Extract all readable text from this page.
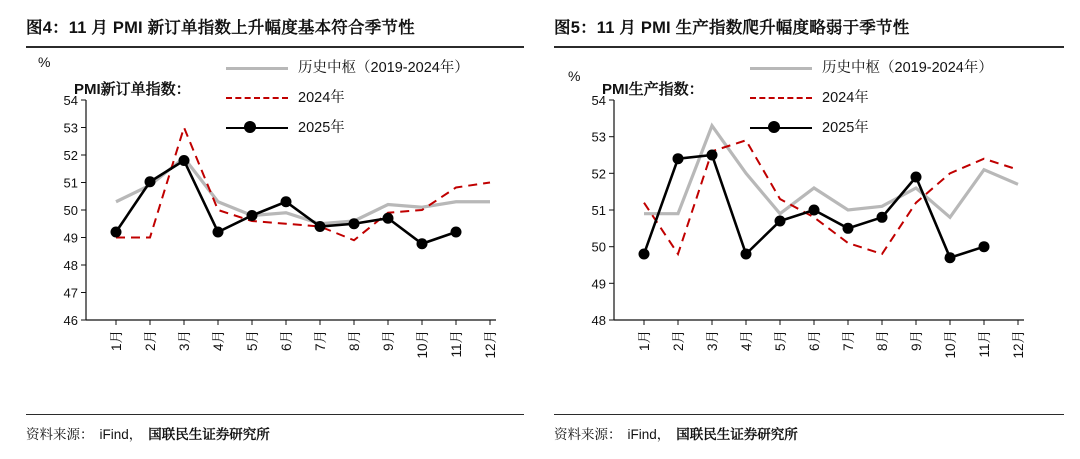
图4：11 月 PMI 新订单指数上升幅度基本符合季节性
历史中枢（2019-2024年）
2024年
2025年
%
PMI新订单指数：
54
53
52
51
50
49
48
47
46
1月 2月 3月 4月 5月 6月 7月 8月 9月 10月 11月 12月
资料来源： iFind， 国联民生证券研究所
图5：11 月 PMI 生产指数爬升幅度略弱于季节性
历史中枢（2019-2024年）
2024年
2025年
%
PMI生产指数：
54
53
52
51
50
49
48
1月 2月 3月 4月 5月 6月 7月 8月 9月 10月 11月 12月
资料来源： iFind， 国联民生证券研究所
